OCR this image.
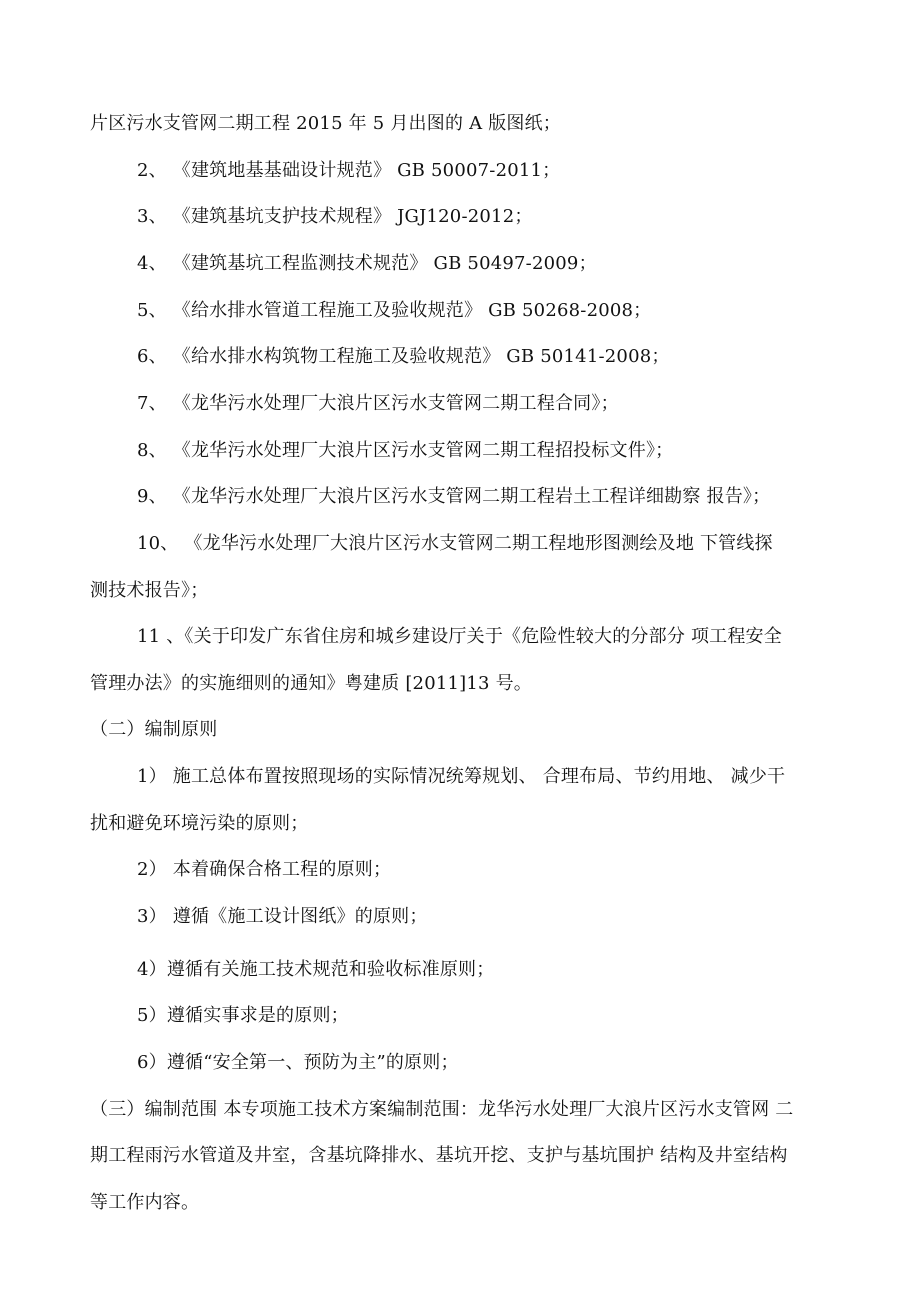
片区污水支管网二期工程 2015 年 5 月出图的 A 版图纸；
2、 《建筑地基基础设计规范》 GB 50007-2011；
3、 《建筑基坑支护技术规程》 JGJ120-2012；
4、 《建筑基坑工程监测技术规范》 GB 50497-2009；
5、 《给水排水管道工程施工及验收规范》 GB 50268-2008；
6、 《给水排水构筑物工程施工及验收规范》 GB 50141-2008；
7、 《龙华污水处理厂大浪片区污水支管网二期工程合同》；
8、 《龙华污水处理厂大浪片区污水支管网二期工程招投标文件》；
9、 《龙华污水处理厂大浪片区污水支管网二期工程岩土工程详细勘察 报告》；
10、 《龙华污水处理厂大浪片区污水支管网二期工程地形图测绘及地 下管线探
测技术报告》；
11 、《关于印发广东省住房和城乡建设厅关于《危险性较大的分部分 项工程安全
管理办法》的实施细则的通知》粤建质 [2011]13 号。
（二）编制原则
1） 施工总体布置按照现场的实际情况统筹规划、 合理布局、节约用地、 减少干
扰和避免环境污染的原则；
2） 本着确保合格工程的原则；
3） 遵循《施工设计图纸》的原则；
4）遵循有关施工技术规范和验收标准原则；
5）遵循实事求是的原则；
6）遵循“安全第一、预防为主”的原则；
（三）编制范围 本专项施工技术方案编制范围：龙华污水处理厂大浪片区污水支管网 二
期工程雨污水管道及井室，含基坑降排水、基坑开挖、支护与基坑围护 结构及井室结构
等工作内容。
